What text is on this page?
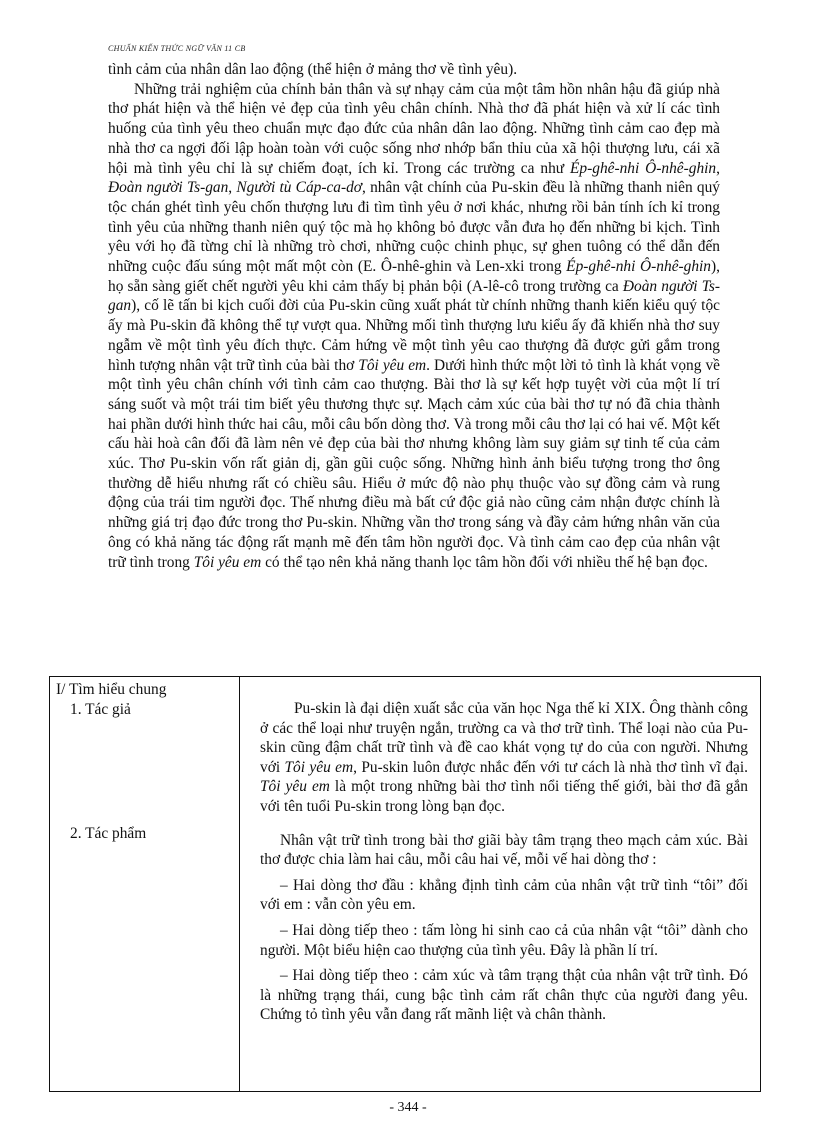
CHUẨN KIẾN THỨC NGỮ VĂN 11 CB

tình cảm của nhân dân lao động (thể hiện ở mảng thơ về tình yêu).

Những trải nghiệm của chính bản thân và sự nhạy cảm của một tâm hồn nhân hậu đã giúp nhà thơ phát hiện và thể hiện vẻ đẹp của tình yêu chân chính. Nhà thơ đã phát hiện và xử lí các tình huống của tình yêu theo chuẩn mực đạo đức của nhân dân lao động. Những tình cảm cao đẹp mà nhà thơ ca ngợi đối lập hoàn toàn với cuộc sống nhơ nhớp bẩn thỉu của xã hội thượng lưu, cái xã hội mà tình yêu chỉ là sự chiếm đoạt, ích kỉ. Trong các trường ca như Ép-ghê-nhi Ô-nhê-ghin, Đoàn người Ts-gan, Người tù Cáp-ca-dơ, nhân vật chính của Pu-skin đều là những thanh niên quý tộc chán ghét tình yêu chốn thượng lưu đi tìm tình yêu ở nơi khác, nhưng rồi bản tính ích kỉ trong tình yêu của những thanh niên quý tộc mà họ không bỏ được vẫn đưa họ đến những bi kịch. Tình yêu với họ đã từng chỉ là những trò chơi, những cuộc chinh phục, sự ghen tuông có thể dẫn đến những cuộc đấu súng một mất một còn (E. Ô-nhê-ghin và Len-xki trong Ép-ghê-nhi Ô-nhê-ghin), họ sẵn sàng giết chết người yêu khi cảm thấy bị phản bội (A-lê-cô trong trường ca Đoàn người Ts-gan), cố lẽ tấn bi kịch cuối đời của Pu-skin cũng xuất phát từ chính những thanh kiến kiểu quý tộc ấy mà Pu-skin đã không thể tự vượt qua. Những mối tình thượng lưu kiểu ấy đã khiến nhà thơ suy ngẫm về một tình yêu đích thực. Cảm hứng về một tình yêu cao thượng đã được gửi gắm trong hình tượng nhân vật trữ tình của bài thơ Tôi yêu em. Dưới hình thức một lời tỏ tình là khát vọng về một tình yêu chân chính với tình cảm cao thượng. Bài thơ là sự kết hợp tuyệt vời của một lí trí sáng suốt và một trái tim biết yêu thương thực sự. Mạch cảm xúc của bài thơ tự nó đã chia thành hai phần dưới hình thức hai câu, mỗi câu bốn dòng thơ. Và trong mỗi câu thơ lại có hai vế. Một kết cấu hài hoà cân đối đã làm nên vẻ đẹp của bài thơ nhưng không làm suy giảm sự tinh tế của cảm xúc. Thơ Pu-skin vốn rất giản dị, gần gũi cuộc sống. Những hình ảnh biểu tượng trong thơ ông thường dễ hiểu nhưng rất có chiều sâu. Hiểu ở mức độ nào phụ thuộc vào sự đồng cảm và rung động của trái tim người đọc. Thế nhưng điều mà bất cứ độc giả nào cũng cảm nhận được chính là những giá trị đạo đức trong thơ Pu-skin. Những vần thơ trong sáng và đầy cảm hứng nhân văn của ông có khả năng tác động rất mạnh mẽ đến tâm hồn người đọc. Và tình cảm cao đẹp của nhân vật trữ tình trong Tôi yêu em có thể tạo nên khả năng thanh lọc tâm hồn đối với nhiều thế hệ bạn đọc.

I/ Tìm hiểu chung
1. Tác giả
2. Tác phẩm

Pu-skin là đại diện xuất sắc của văn học Nga thế kỉ XIX. Ông thành công ở các thể loại như truyện ngắn, trường ca và thơ trữ tình. Thể loại nào của Pu-skin cũng đậm chất trữ tình và đề cao khát vọng tự do của con người. Nhưng với Tôi yêu em, Pu-skin luôn được nhắc đến với tư cách là nhà thơ tình vĩ đại. Tôi yêu em là một trong những bài thơ tình nổi tiếng thế giới, bài thơ đã gắn với tên tuổi Pu-skin trong lòng bạn đọc.

Nhân vật trữ tình trong bài thơ giãi bày tâm trạng theo mạch cảm xúc. Bài thơ được chia làm hai câu, mỗi câu hai vế, mỗi vế hai dòng thơ :

– Hai dòng thơ đầu : khẳng định tình cảm của nhân vật trữ tình “tôi” đối với em : vẫn còn yêu em.

– Hai dòng tiếp theo : tấm lòng hi sinh cao cả của nhân vật “tôi” dành cho người. Một biểu hiện cao thượng của tình yêu. Đây là phần lí trí.

– Hai dòng tiếp theo : cảm xúc và tâm trạng thật của nhân vật trữ tình. Đó là những trạng thái, cung bậc tình cảm rất chân thực của người đang yêu. Chứng tỏ tình yêu vẫn đang rất mãnh liệt và chân thành.

- 344 -
